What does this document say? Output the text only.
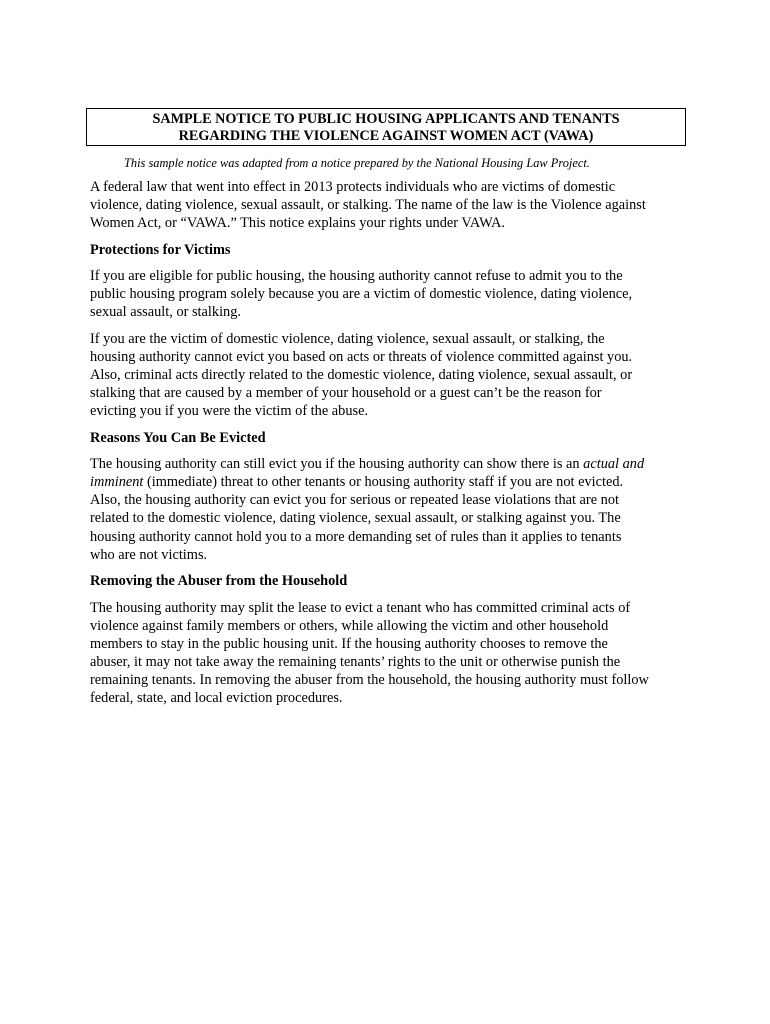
SAMPLE NOTICE TO PUBLIC HOUSING APPLICANTS AND TENANTS
REGARDING THE VIOLENCE AGAINST WOMEN ACT (VAWA)
This sample notice was adapted from a notice prepared by the National Housing Law Project.
A federal law that went into effect in 2013 protects individuals who are victims of domestic
violence, dating violence, sexual assault, or stalking. The name of the law is the Violence against
Women Act, or “VAWA.” This notice explains your rights under VAWA.
Protections for Victims
If you are eligible for public housing, the housing authority cannot refuse to admit you to the
public housing program solely because you are a victim of domestic violence, dating violence,
sexual assault, or stalking.
If you are the victim of domestic violence, dating violence, sexual assault, or stalking, the
housing authority cannot evict you based on acts or threats of violence committed against you.
Also, criminal acts directly related to the domestic violence, dating violence, sexual assault, or
stalking that are caused by a member of your household or a guest can’t be the reason for
evicting you if you were the victim of the abuse.
Reasons You Can Be Evicted
The housing authority can still evict you if the housing authority can show there is an actual and
imminent (immediate) threat to other tenants or housing authority staff if you are not evicted.
Also, the housing authority can evict you for serious or repeated lease violations that are not
related to the domestic violence, dating violence, sexual assault, or stalking against you. The
housing authority cannot hold you to a more demanding set of rules than it applies to tenants
who are not victims.
Removing the Abuser from the Household
The housing authority may split the lease to evict a tenant who has committed criminal acts of
violence against family members or others, while allowing the victim and other household
members to stay in the public housing unit. If the housing authority chooses to remove the
abuser, it may not take away the remaining tenants’ rights to the unit or otherwise punish the
remaining tenants. In removing the abuser from the household, the housing authority must follow
federal, state, and local eviction procedures.
